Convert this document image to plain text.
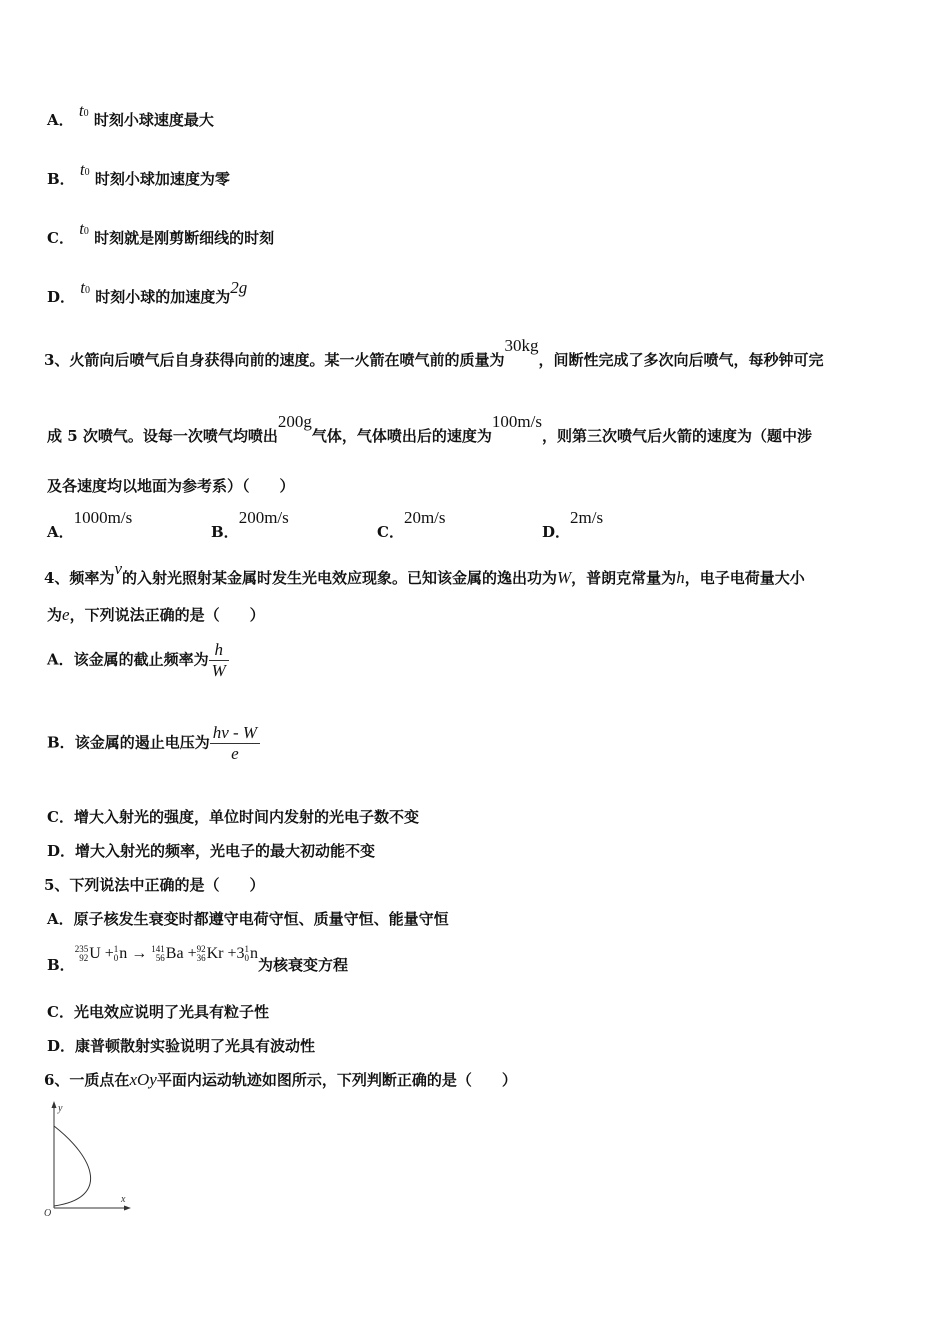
A． t0 时刻小球速度最大
B． t0 时刻小球加速度为零
C． t0 时刻就是刚剪断细线的时刻
D． t0 时刻小球的加速度为2g
3、火箭向后喷气后自身获得向前的速度。某一火箭在喷气前的质量为30kg，间断性完成了多次向后喷气，每秒钟可完
成 5 次喷气。设每一次喷气均喷出200g气体，气体喷出后的速度为100m/s，则第三次喷气后火箭的速度为（题中涉
及各速度均以地面为参考系）（　　）
A．1000m/s
B．200m/s
C．20m/s
D．2m/s
4、频率为ν的入射光照射某金属时发生光电效应现象。已知该金属的逸出功为W，普朗克常量为h，电子电荷量大小
为e，下列说法正确的是（　　）
A．该金属的截止频率为 $\frac{h}{W}$
B．该金属的遏止电压为 $\frac{h\nu - W}{e}$
C．增大入射光的强度，单位时间内发射的光电子数不变
D．增大入射光的频率，光电子的最大初动能不变
5、下列说法中正确的是（　　）
A．原子核发生衰变时都遵守电荷守恒、质量守恒、能量守恒
B．235
92U +1
0n → 141
56Ba +92
36Kr +31
0n为核衰变方程
C．光电效应说明了光具有粒子性
D．康普顿散射实验说明了光具有波动性
6、一质点在xOy平面内运动轨迹如图所示，下列判断正确的是（　　）
y
x
O
